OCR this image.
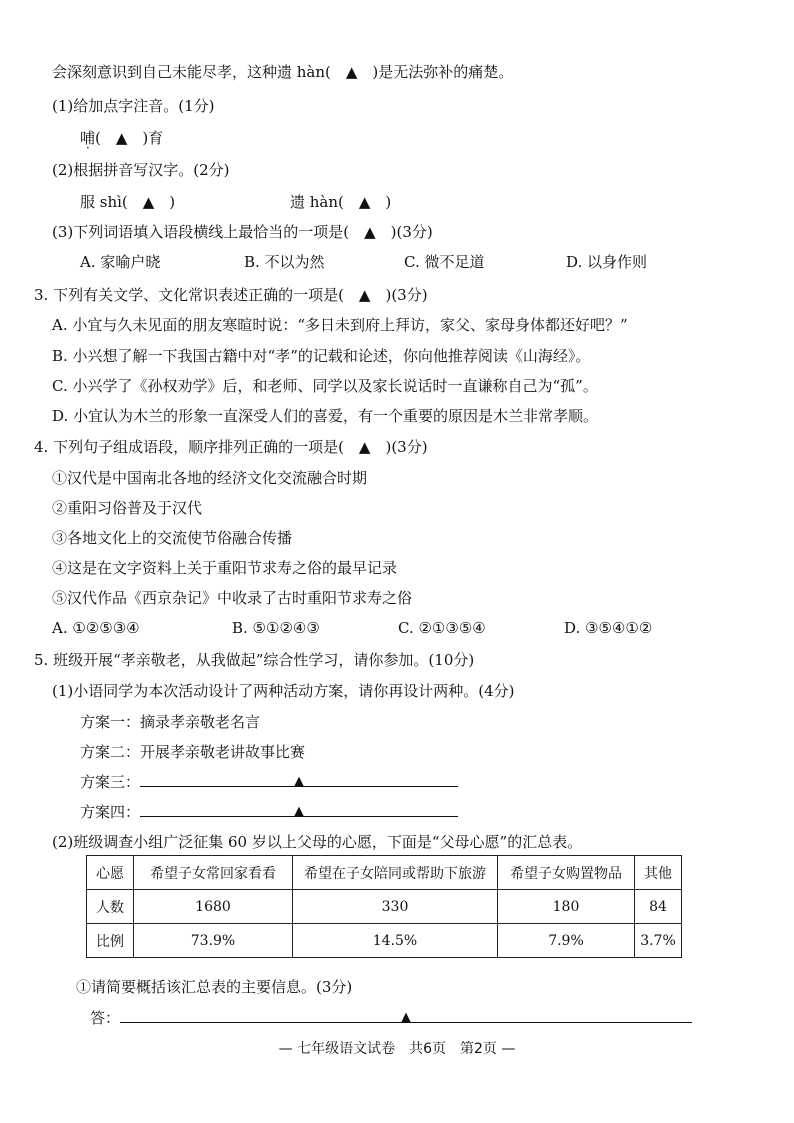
会深刻意识到自己未能尽孝，这种遗 hàn(　▲　)是无法弥补的痛楚。
(1)给加点字注音。(1分)
哺(　▲　)育
(2)根据拼音写汉字。(2分)
服 shì(　▲　)	遗 hàn(　▲　)
(3)下列词语填入语段横线上最恰当的一项是(　▲　)(3分)
A. 家喻户晓	B. 不以为然	C. 微不足道	D. 以身作则
3. 下列有关文学、文化常识表述正确的一项是(　▲　)(3分)
A. 小宜与久未见面的朋友寒暄时说：“多日未到府上拜访，家父、家母身体都还好吧？”
B. 小兴想了解一下我国古籍中对“孝”的记载和论述，你向他推荐阅读《山海经》。
C. 小兴学了《孙权劝学》后，和老师、同学以及家长说话时一直谦称自己为“孤”。
D. 小宜认为木兰的形象一直深受人们的喜爱，有一个重要的原因是木兰非常孝顺。
4. 下列句子组成语段，顺序排列正确的一项是(　▲　)(3分)
①汉代是中国南北各地的经济文化交流融合时期
②重阳习俗普及于汉代
③各地文化上的交流使节俗融合传播
④这是在文字资料上关于重阳节求寿之俗的最早记录
⑤汉代作品《西京杂记》中收录了古时重阳节求寿之俗
A. ①②⑤③④	B. ⑤①②④③	C. ②①③⑤④	D. ③⑤④①②
5. 班级开展“孝亲敬老，从我做起”综合性学习，请你参加。(10分)
(1)小语同学为本次活动设计了两种活动方案，请你再设计两种。(4分)
方案一：摘录孝亲敬老名言
方案二：开展孝亲敬老讲故事比赛
方案三：	▲
方案四：	▲
(2)班级调查小组广泛征集 60 岁以上父母的心愿，下面是“父母心愿”的汇总表。
心愿	希望子女常回家看看	希望在子女陪同或帮助下旅游	希望子女购置物品	其他
人数	1680	330	180	84
比例	73.9%	14.5%	7.9%	3.7%
①请简要概括该汇总表的主要信息。(3分)
答：	▲
— 七年级语文试卷　共6页　第2页 —
